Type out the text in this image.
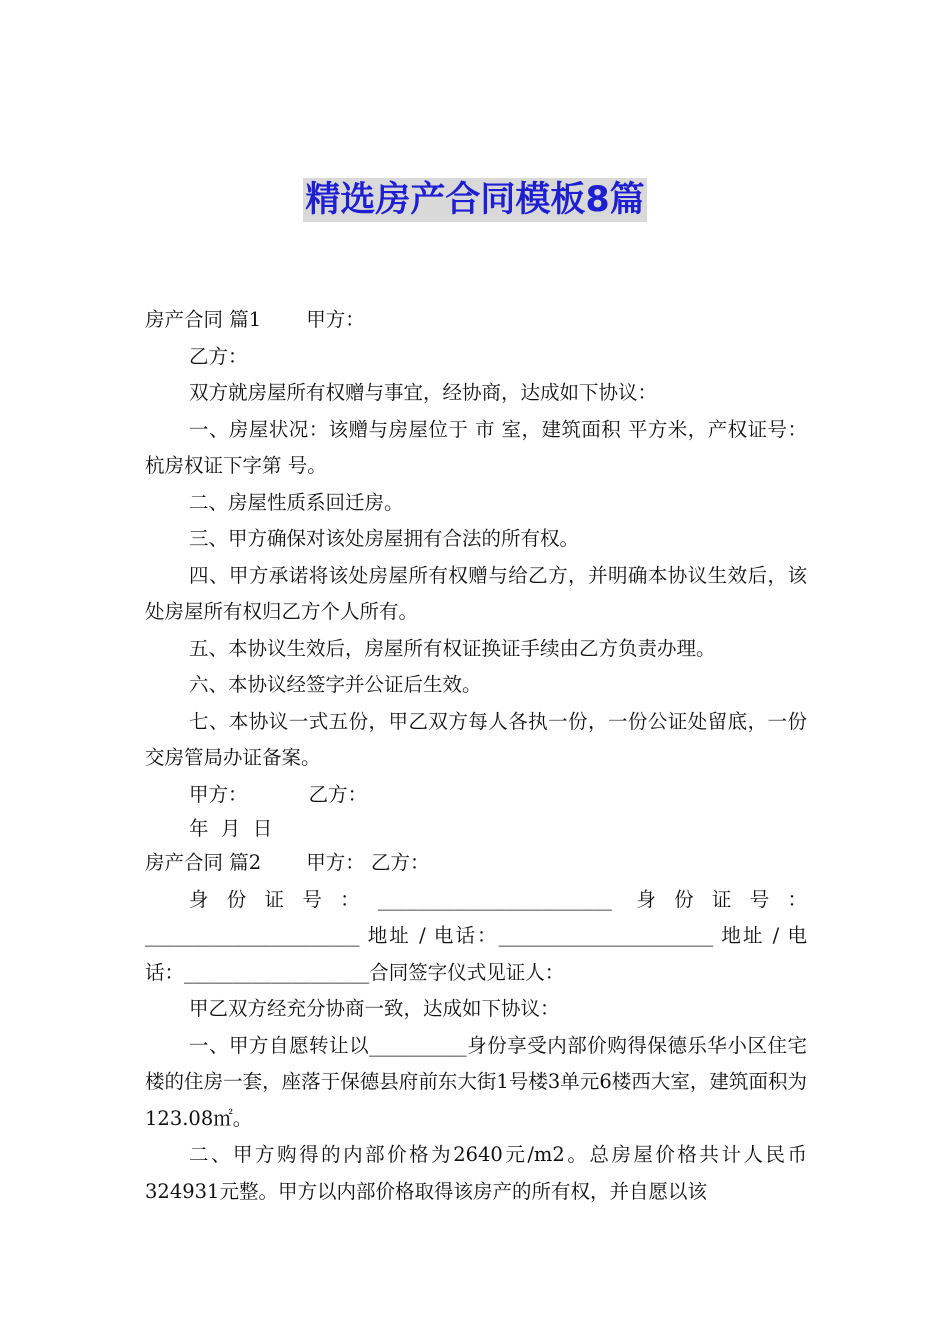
精选房产合同模板8篇

房产合同 篇1　　 甲方：

乙方：

双方就房屋所有权赠与事宜，经协商，达成如下协议：

一、房屋状况：该赠与房屋位于 市 室，建筑面积 平方米，产权证号：杭房权证下字第 号。

二、房屋性质系回迁房。

三、甲方确保对该处房屋拥有合法的所有权。

四、甲方承诺将该处房屋所有权赠与给乙方，并明确本协议生效后，该处房屋所有权归乙方个人所有。

五、本协议生效后，房屋所有权证换证手续由乙方负责办理。

六、本协议经签字并公证后生效。

七、本协议一式五份，甲乙双方每人各执一份，一份公证处留底，一份交房管局办证备案。

甲方：　　　  乙方：

年  月  日

房产合同 篇2　　 甲方： 乙方：

身份证号：________________________ 身份证号：______________________ 地址 / 电话：______________________ 地址 / 电话：___________________合同签字仪式见证人：

甲乙双方经充分协商一致，达成如下协议：

一、甲方自愿转让以__________身份享受内部价购得保德乐华小区住宅楼的住房一套，座落于保德县府前东大街1号楼3单元6楼西大室，建筑面积为123.08㎡。

二、甲方购得的内部价格为2640元/m2。总房屋价格共计人民币324931元整。甲方以内部价格取得该房产的所有权，并自愿以该
